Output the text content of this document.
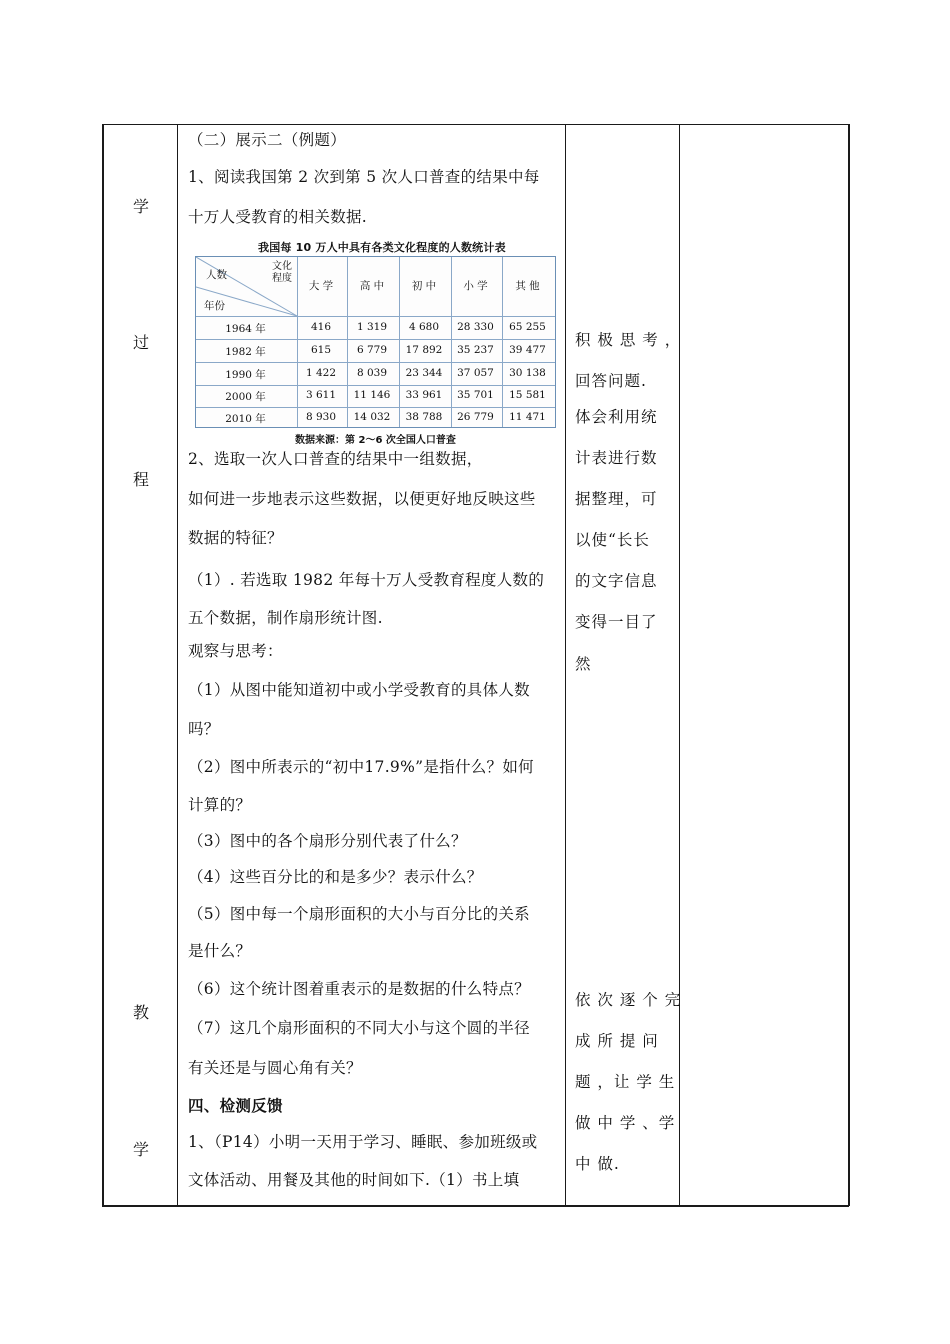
学
过
程
教
学
（二）展示二（例题）
1、阅读我国第 2 次到第 5 次人口普查的结果中每
十万人受教育的相关数据.
我国每 10 万人中具有各类文化程度的人数统计表
文化程度
人数
年份
大 学	高 中	初 中	小 学	其 他
1964 年	416	1 319	4 680	28 330	65 255
1982 年	615	6 779	17 892	35 237	39 477
1990 年	1 422	8 039	23 344	37 057	30 138
2000 年	3 611	11 146	33 961	35 701	15 581
2010 年	8 930	14 032	38 788	26 779	11 471
数据来源：第 2～6 次全国人口普查
2、选取一次人口普查的结果中一组数据，
如何进一步地表示这些数据，以便更好地反映这些
数据的特征？
（1）. 若选取 1982 年每十万人受教育程度人数的
五个数据，制作扇形统计图.
观察与思考：
（1）从图中能知道初中或小学受教育的具体人数
吗？
（2）图中所表示的“初中17.9%”是指什么？如何
计算的？
（3）图中的各个扇形分别代表了什么？
（4）这些百分比的和是多少？表示什么？
（5）图中每一个扇形面积的大小与百分比的关系
是什么？
（6）这个统计图着重表示的是数据的什么特点？
（7）这几个扇形面积的不同大小与这个圆的半径
有关还是与圆心角有关？
四、检测反馈
1、（P14）小明一天用于学习、睡眠、参加班级或
文体活动、用餐及其他的时间如下.（1）书上填
积 极 思 考 ，
回答问题.
体会利用统
计表进行数
据整理，可
以使“长长
的文字信息
变得一目了
然
依 次 逐 个 完
成 所 提 问
题 ，让 学 生
做 中 学 、学
中 做.
